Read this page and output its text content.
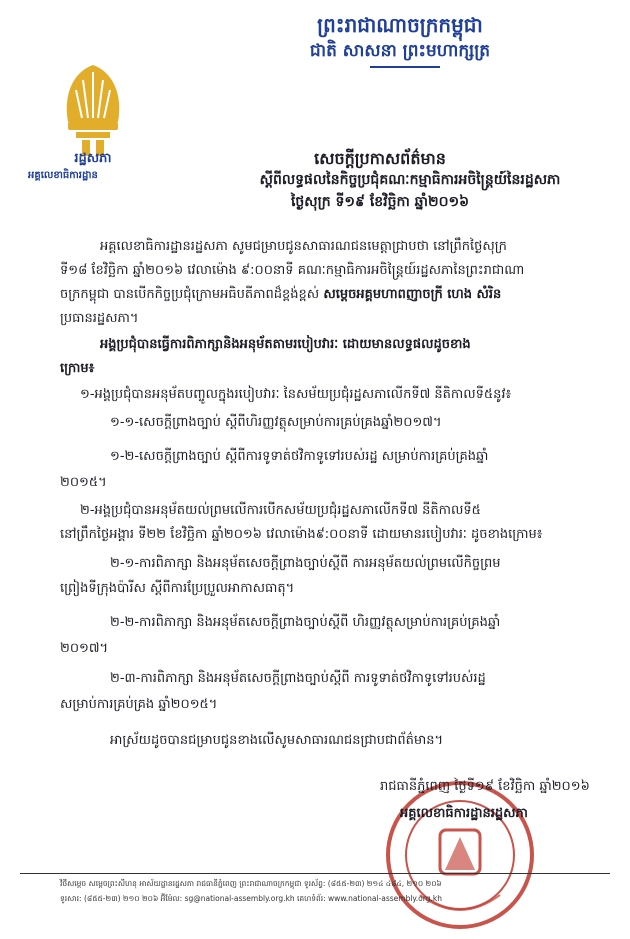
ព្រះរាជាណាចក្រកម្ពុជា
ជាតិ សាសនា ព្រះមហាក្សត្រ
រដ្ឋសភា
អគ្គលេខាធិការដ្ឋាន
សេចក្តីប្រកាសព័ត៌មាន
ស្តីពីលទ្ធផលនៃកិច្ចប្រជុំគណៈកម្មាធិការអចិន្ត្រៃយ៍នៃរដ្ឋសភា
ថ្ងៃសុក្រ ទី១៩ ខែវិច្ឆិកា ឆ្នាំ២០១៦
អគ្គលេខាធិការដ្ឋានរដ្ឋសភា សូមជម្រាបជូនសាធារណជនមេត្តាជ្រាបថា នៅព្រឹកថ្ងៃសុក្រ
ទី១៨ ខែវិច្ឆិកា ឆ្នាំ២០១៦ វេលាម៉ោង ៩:០០នាទី គណៈកម្មាធិការអចិន្ត្រៃយ៍រដ្ឋសភានៃព្រះរាជាណា
ចក្រកម្ពុជា បានបើកកិច្ចប្រជុំក្រោមអធិបតីភាពដ៏ខ្ពង់ខ្ពស់ សម្តេចអគ្គមហាពញាចក្រី ហេង សំរិន
ប្រធានរដ្ឋសភា។
អង្គប្រជុំបានធ្វើការពិភាក្សានិងអនុម័តតាមរបៀបវារៈ ដោយមានលទ្ធផលដូចខាង
ក្រោម៖
១-អង្គប្រជុំបានអនុម័តបញ្ចូលក្នុងរបៀបវារៈ នៃសម័យប្រជុំរដ្ឋសភាលើកទី៧ នីតិកាលទី៥នូវ៖
១-១-សេចក្តីព្រាងច្បាប់ ស្តីពីហិរញ្ញវត្ថុសម្រាប់ការគ្រប់គ្រងឆ្នាំ២០១៧។
១-២-សេចក្តីព្រាងច្បាប់ ស្តីពីការទូទាត់ថវិកាទូទៅរបស់រដ្ឋ សម្រាប់ការគ្រប់គ្រងឆ្នាំ
២០១៥។
២-អង្គប្រជុំបានអនុម័តយល់ព្រមលើការបើកសម័យប្រជុំរដ្ឋសភាលើកទី៧ នីតិកាលទី៥
នៅព្រឹកថ្ងៃអង្គារ ទី២២ ខែវិច្ឆិកា ឆ្នាំ២០១៦ វេលាម៉ោង៩:០០នាទី ដោយមានរបៀបវារៈ ដូចខាងក្រោម៖
២-១-ការពិភាក្សា និងអនុម័តសេចក្តីព្រាងច្បាប់ស្តីពី ការអនុម័តយល់ព្រមលើកិច្ចព្រម
ព្រៀងទីក្រុងប៉ារីស ស្តីពីការប្រែប្រួលអាកាសធាតុ។
២-២-ការពិភាក្សា និងអនុម័តសេចក្តីព្រាងច្បាប់ស្តីពី ហិរញ្ញវត្ថុសម្រាប់ការគ្រប់គ្រងឆ្នាំ
២០១៧។
២-៣-ការពិភាក្សា និងអនុម័តសេចក្តីព្រាងច្បាប់ស្តីពី ការទូទាត់ថវិកាទូទៅរបស់រដ្ឋ
សម្រាប់ការគ្រប់គ្រង ឆ្នាំ២០១៥។
អាស្រ័យដូចបានជម្រាបជូនខាងលើសូមសាធារណជនជ្រាបជាព័ត៌មាន។
រាជធានីភ្នំពេញ ថ្ងៃទី១៩ ខែវិច្ឆិកា ឆ្នាំ២០១៦
អគ្គលេខាធិការដ្ឋានរដ្ឋសភា
វិថីសម្តេច សម្តេចព្រះសីហនុ អាស័យដ្ឋានរដ្ឋសភា រាជធានីភ្នំពេញ ព្រះរាជាណាចក្រកម្ពុជា ទូរស័ព្ទ: (៨៥៥-២៣) ២១៤ ៤៨៤, ២១០ ២០៦
ទូរសារ: (៨៥៥-២៣) ២១០ ២០៦ អ៊ីម៉ែល: sg@national-assembly.org.kh គេហទំព័រ: www.national-assembly.org.kh
